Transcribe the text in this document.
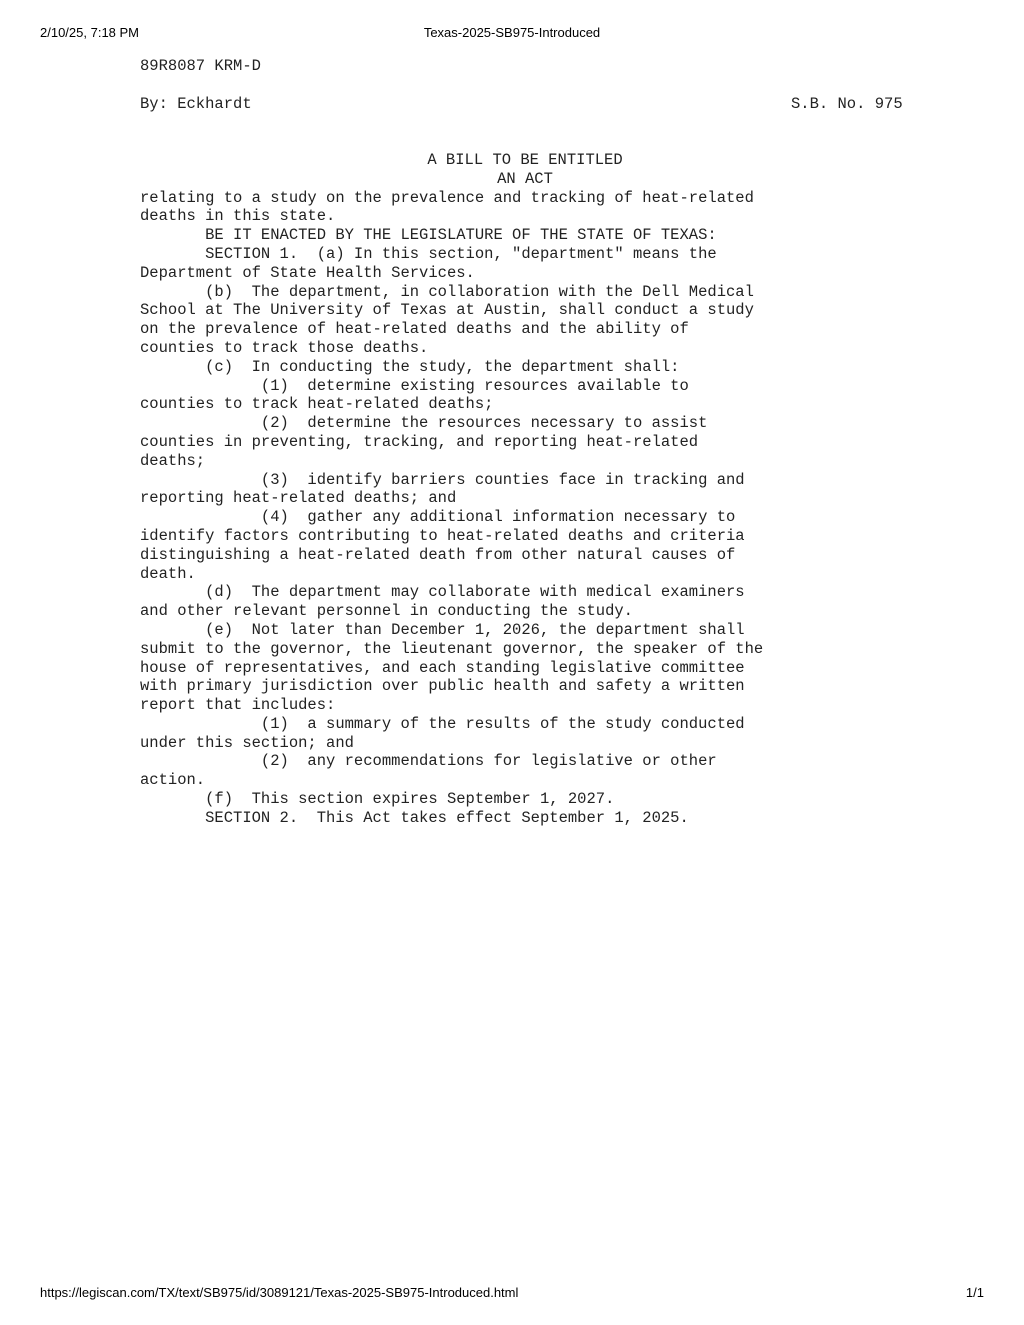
2/10/25, 7:18 PM	Texas-2025-SB975-Introduced
89R8087 KRM-D
By: Eckhardt	S.B. No. 975
A BILL TO BE ENTITLED
AN ACT
relating to a study on the prevalence and tracking of heat-related
deaths in this state.
BE IT ENACTED BY THE LEGISLATURE OF THE STATE OF TEXAS:
SECTION 1.  (a) In this section, "department" means the
Department of State Health Services.
(b)  The department, in collaboration with the Dell Medical
School at The University of Texas at Austin, shall conduct a study
on the prevalence of heat-related deaths and the ability of
counties to track those deaths.
(c)  In conducting the study, the department shall:
(1)  determine existing resources available to
counties to track heat-related deaths;
(2)  determine the resources necessary to assist
counties in preventing, tracking, and reporting heat-related
deaths;
(3)  identify barriers counties face in tracking and
reporting heat-related deaths; and
(4)  gather any additional information necessary to
identify factors contributing to heat-related deaths and criteria
distinguishing a heat-related death from other natural causes of
death.
(d)  The department may collaborate with medical examiners
and other relevant personnel in conducting the study.
(e)  Not later than December 1, 2026, the department shall
submit to the governor, the lieutenant governor, the speaker of the
house of representatives, and each standing legislative committee
with primary jurisdiction over public health and safety a written
report that includes:
(1)  a summary of the results of the study conducted
under this section; and
(2)  any recommendations for legislative or other
action.
(f)  This section expires September 1, 2027.
SECTION 2.  This Act takes effect September 1, 2025.
https://legiscan.com/TX/text/SB975/id/3089121/Texas-2025-SB975-Introduced.html	1/1
